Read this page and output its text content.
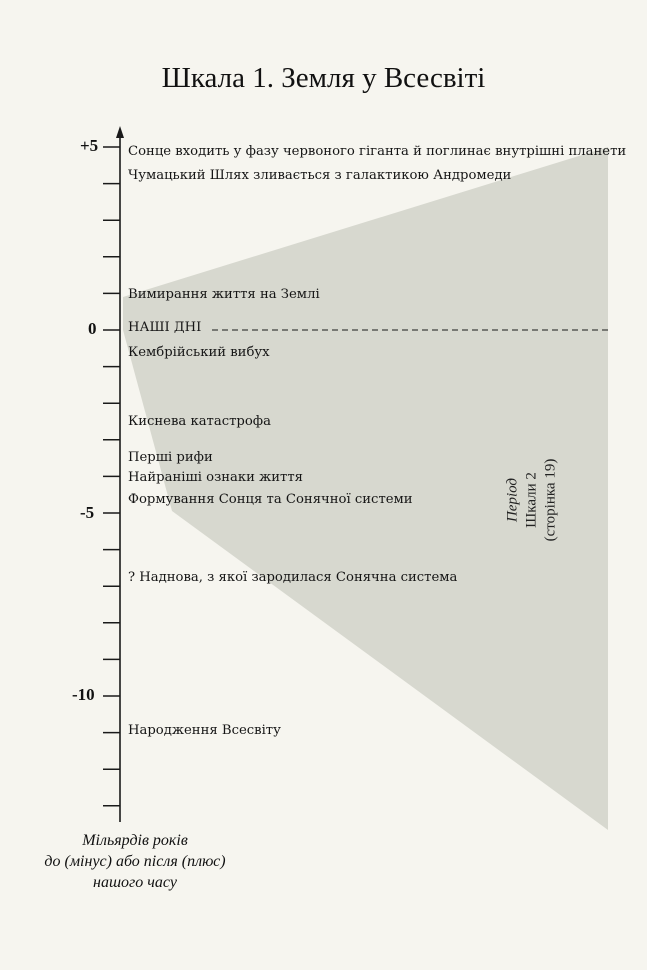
Шкала 1. Земля у Всесвіті
+5
0
-5
-10
Сонце входить у фазу червоного гіганта й поглинає внутрішні планети
Чумацький Шлях зливається з галактикою Андромеди
Вимирання життя на Землі
НАШІ ДНІ
Кембрійський вибух
Киснева катастрофа
Перші рифи
Найраніші ознаки життя
Формування Сонця та Сонячної системи
? Наднова, з якої зародилася Сонячна система
Народження Всесвіту
Мільярдів років
до (мінус) або після (плюс)
нашого часу
Період Шкали 2 (сторінка 19)
